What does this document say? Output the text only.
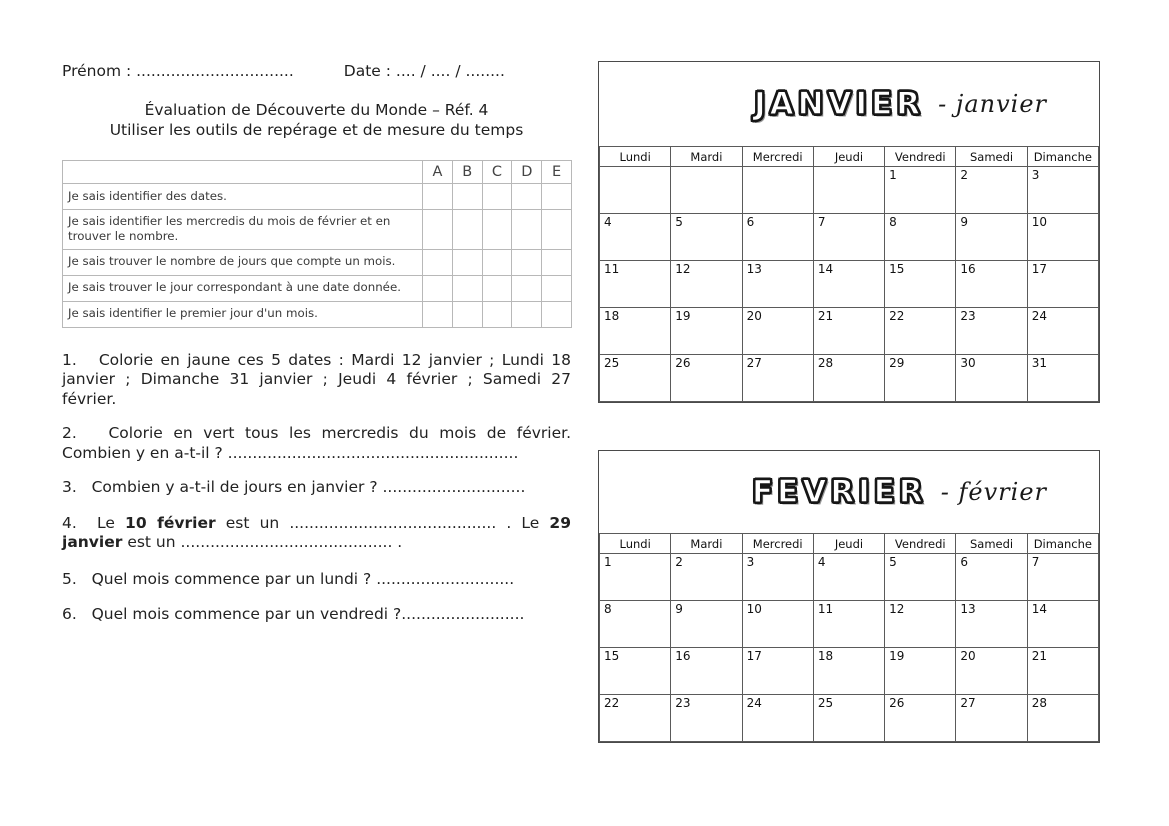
Prénom : ................................	Date : .... / .... / ........
Évaluation de Découverte du Monde – Réf. 4
Utiliser les outils de repérage et de mesure du temps
	A	B	C	D	E
Je sais identifier des dates.					
Je sais identifier les mercredis du mois de février et en trouver le nombre.					
Je sais trouver le nombre de jours que compte un mois.					
Je sais trouver le jour correspondant à une date donnée.					
Je sais identifier le premier jour d'un mois.					

1.   Colorie en jaune ces 5 dates : Mardi 12 janvier ; Lundi 18 janvier ; Dimanche 31 janvier ; Jeudi 4 février ; Samedi 27 février.

2.   Colorie en vert tous les mercredis du mois de février. Combien y en a-t-il ? ...........................................................

3.   Combien y a-t-il de jours en janvier ? .............................

4.  Le 10 février est un .......................................... . Le 29 janvier est un ........................................... .

5.   Quel mois commence par un lundi ? ............................

6.   Quel mois commence par un vendredi ?.........................

JANVIER - janvier
Lundi	Mardi	Mercredi	Jeudi	Vendredi	Samedi	Dimanche
				1	2	3
4	5	6	7	8	9	10
11	12	13	14	15	16	17
18	19	20	21	22	23	24
25	26	27	28	29	30	31
FEVRIER - février
Lundi	Mardi	Mercredi	Jeudi	Vendredi	Samedi	Dimanche
1	2	3	4	5	6	7
8	9	10	11	12	13	14
15	16	17	18	19	20	21
22	23	24	25	26	27	28
